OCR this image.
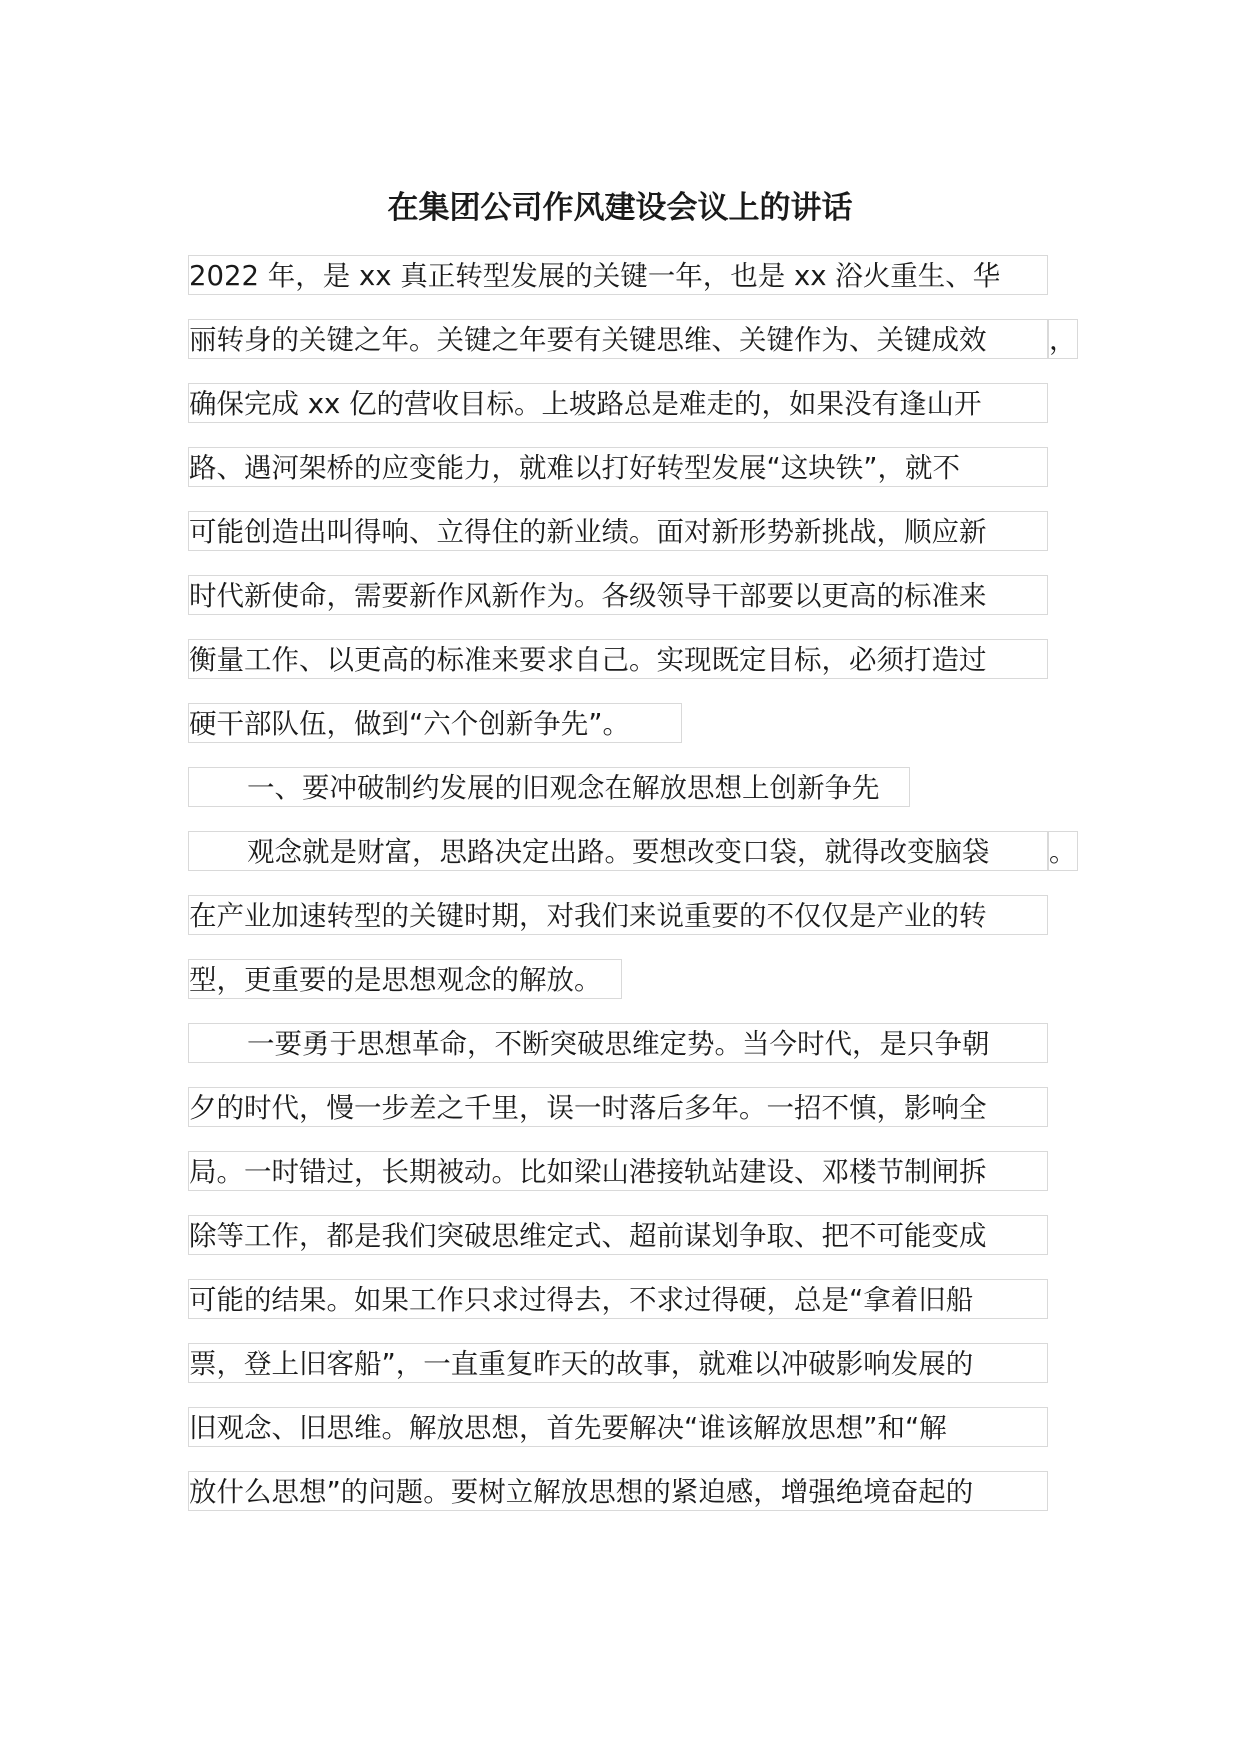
在集团公司作风建设会议上的讲话
2022 年，是 xx 真正转型发展的关键一年，也是 xx 浴火重生、华
丽转身的关键之年。关键之年要有关键思维、关键作为、关键成效	，
确保完成 xx 亿的营收目标。上坡路总是难走的，如果没有逢山开
路、遇河架桥的应变能力，就难以打好转型发展“这块铁”，就不
可能创造出叫得响、立得住的新业绩。面对新形势新挑战，顺应新
时代新使命，需要新作风新作为。各级领导干部要以更高的标准来
衡量工作、以更高的标准来要求自己。实现既定目标，必须打造过
硬干部队伍，做到“六个创新争先”。
一、要冲破制约发展的旧观念在解放思想上创新争先
观念就是财富，思路决定出路。要想改变口袋，就得改变脑袋	。
在产业加速转型的关键时期，对我们来说重要的不仅仅是产业的转
型，更重要的是思想观念的解放。
一要勇于思想革命，不断突破思维定势。当今时代，是只争朝
夕的时代，慢一步差之千里，误一时落后多年。一招不慎，影响全
局。一时错过，长期被动。比如梁山港接轨站建设、邓楼节制闸拆
除等工作，都是我们突破思维定式、超前谋划争取、把不可能变成
可能的结果。如果工作只求过得去，不求过得硬，总是“拿着旧船
票，登上旧客船”，一直重复昨天的故事，就难以冲破影响发展的
旧观念、旧思维。解放思想，首先要解决“谁该解放思想”和“解
放什么思想”的问题。要树立解放思想的紧迫感，增强绝境奋起的
